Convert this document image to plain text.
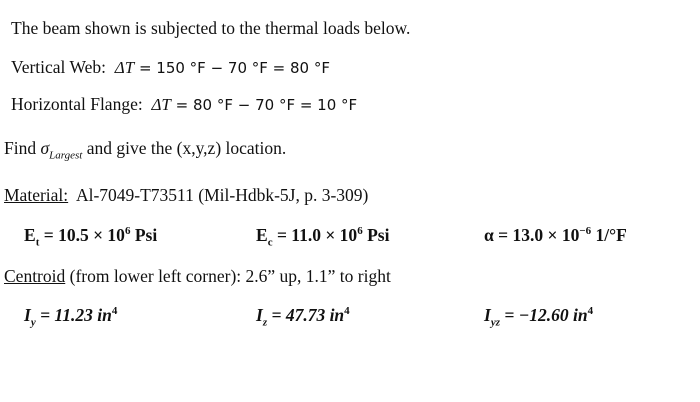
The beam shown is subjected to the thermal loads below.
Vertical Web: ΔT = 150 °F − 70 °F = 80 °F
Horizontal Flange: ΔT = 80 °F − 70 °F = 10 °F
Find $\sigma_{Largest}$ and give the (x,y,z) location.
Material: Al-7049-T73511 (Mil-Hdbk-5J, p. 3-309)
$E_t = 10.5 \times 10^6$ Psi	$E_c = 11.0 \times 10^6$ Psi	$\alpha = 13.0 \times 10^{-6}$ 1/°F
Centroid (from lower left corner): 2.6” up, 1.1” to right
$I_y = 11.23$ $in^4$	$I_z = 47.73$ $in^4$	$I_{yz} = -12.60$ $in^4$
